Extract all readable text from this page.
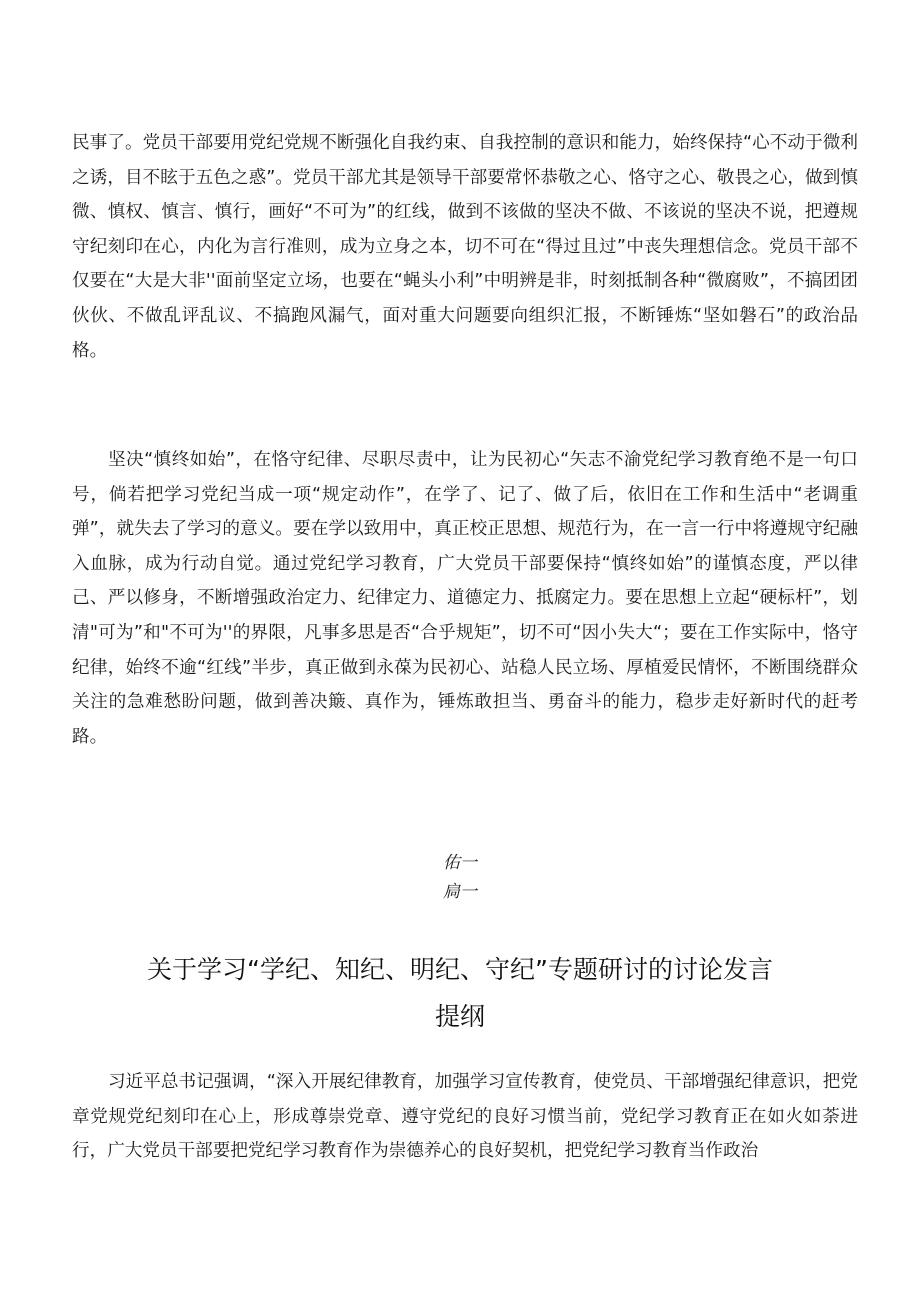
民事了。党员干部要用党纪党规不断强化自我约束、自我控制的意识和能力，始终保持“心不动于微利之诱，目不眩于五色之惑”。党员干部尤其是领导干部要常怀恭敬之心、恪守之心、敬畏之心，做到慎微、慎权、慎言、慎行，画好“不可为”的红线，做到不该做的坚决不做、不该说的坚决不说，把遵规守纪刻印在心，内化为言行准则，成为立身之本，切不可在“得过且过”中丧失理想信念。党员干部不仅要在“大是大非''面前坚定立场，也要在“蝇头小利”中明辨是非，时刻抵制各种“微腐败”，不搞团团伙伙、不做乱评乱议、不搞跑风漏气，面对重大问题要向组织汇报，不断锤炼“坚如磐石”的政治品格。

坚决“慎终如始”，在恪守纪律、尽职尽责中，让为民初心“矢志不渝党纪学习教育绝不是一句口号，倘若把学习党纪当成一项“规定动作”，在学了、记了、做了后，依旧在工作和生活中“老调重弹”，就失去了学习的意义。要在学以致用中，真正校正思想、规范行为，在一言一行中将遵规守纪融入血脉，成为行动自觉。通过党纪学习教育，广大党员干部要保持“慎终如始”的谨慎态度，严以律己、严以修身，不断增强政治定力、纪律定力、道德定力、抵腐定力。要在思想上立起“硬标杆”，划清"可为”和"不可为''的界限，凡事多思是否“合乎规矩”，切不可“因小失大“；要在工作实际中，恪守纪律，始终不逾“红线”半步，真正做到永葆为民初心、站稳人民立场、厚植爱民情怀，不断围绕群众关注的急难愁盼问题，做到善决簸、真作为，锤炼敢担当、勇奋斗的能力，稳步走好新时代的赶考路。

佑一
扃一
关于学习“学纪、知纪、明纪、守纪”专题研讨的讨论发言
提纲

习近平总书记强调，“深入开展纪律教育，加强学习宣传教育，使党员、干部增强纪律意识，把党章党规党纪刻印在心上，形成尊崇党章、遵守党纪的良好习惯当前，党纪学习教育正在如火如荼进行，广大党员干部要把党纪学习教育作为崇德养心的良好契机，把党纪学习教育当作政治
